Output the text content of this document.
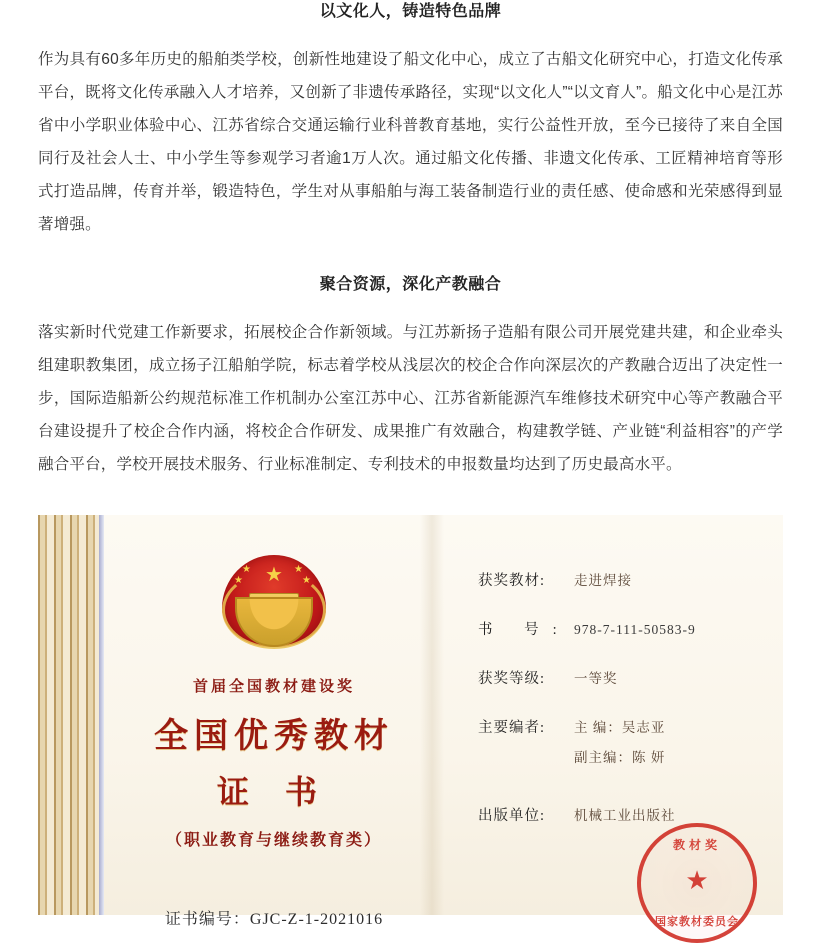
以文化人，铸造特色品牌

作为具有60多年历史的船舶类学校，创新性地建设了船文化中心，成立了古船文化研究中心，打造文化传承平台，既将文化传承融入人才培养，又创新了非遗传承路径，实现“以文化人”“以文育人”。船文化中心是江苏省中小学职业体验中心、江苏省综合交通运输行业科普教育基地，实行公益性开放，至今已接待了来自全国同行及社会人士、中小学生等参观学习者逾1万人次。通过船文化传播、非遗文化传承、工匠精神培育等形式打造品牌，传育并举，锻造特色，学生对从事船舶与海工装备制造行业的责任感、使命感和光荣感得到显著增强。

聚合资源，深化产教融合

落实新时代党建工作新要求，拓展校企合作新领域。与江苏新扬子造船有限公司开展党建共建，和企业牵头组建职教集团，成立扬子江船舶学院，标志着学校从浅层次的校企合作向深层次的产教融合迈出了决定性一步，国际造船新公约规范标准工作机制办公室江苏中心、江苏省新能源汽车维修技术研究中心等产教融合平台建设提升了校企合作内涵，将校企合作研发、成果推广有效融合，构建教学链、产业链“利益相容”的产学融合平台，学校开展技术服务、行业标准制定、专利技术的申报数量均达到了历史最高水平。

★
★
★
★
★
首届全国教材建设奖
全国优秀教材
证 书
（职业教育与继续教育类）
证书编号：GJC-Z-1-2021016
获奖教材:	走进焊接
书 号: 978-7-111-50583-9
获奖等级:	一等奖
主要编者:	主 编：吴志亚
副主编：陈 妍
出版单位:	机械工业出版社
教材奖
★
国家教材委员会
